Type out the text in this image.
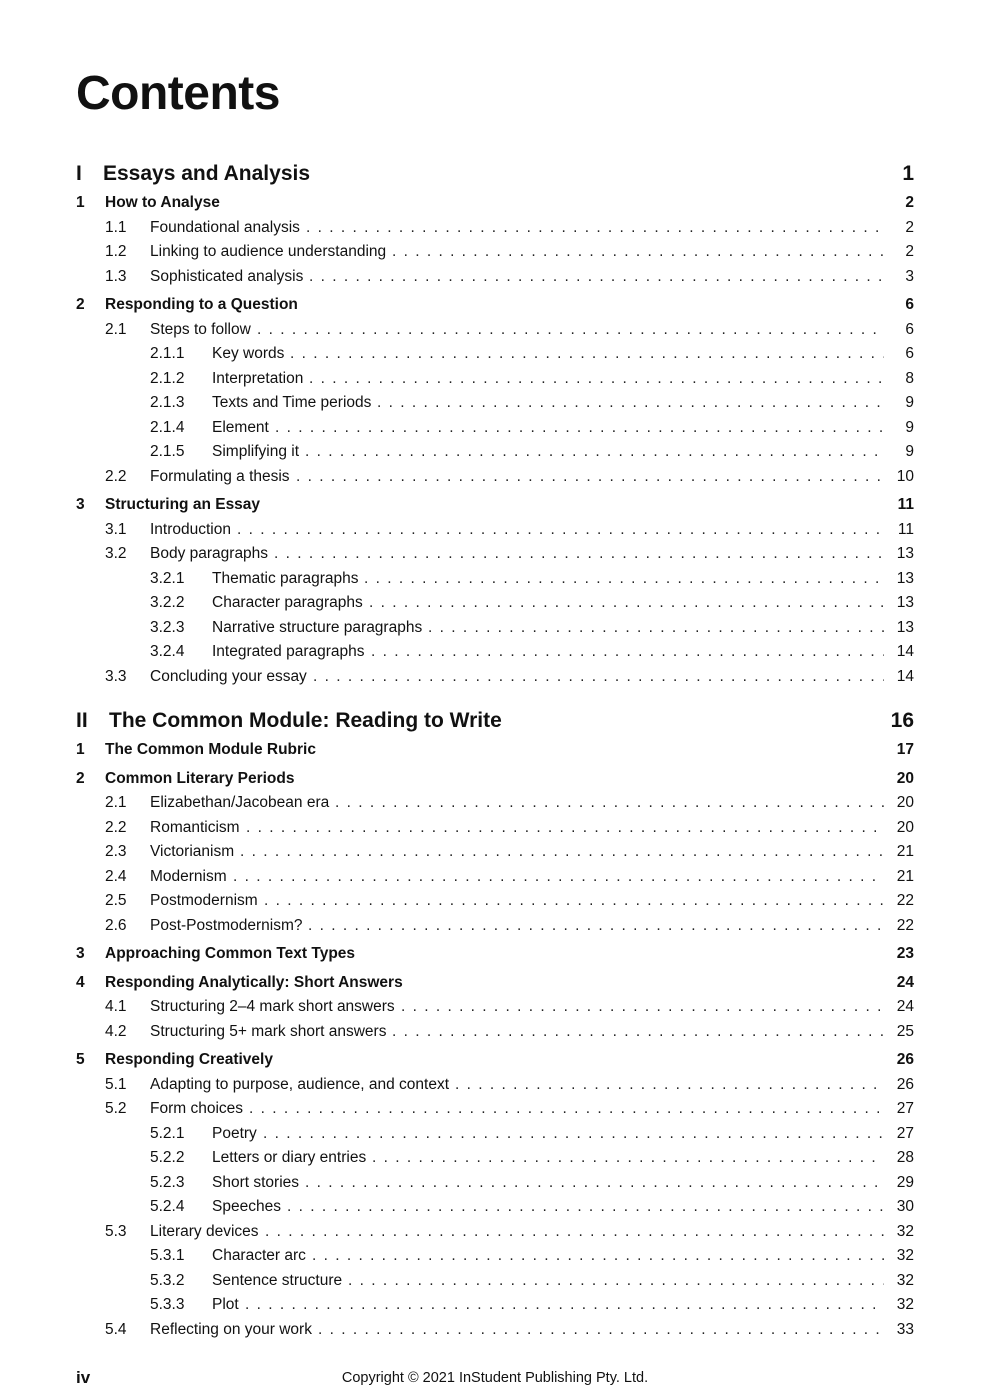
Contents
I Essays and Analysis	1
1 How to Analyse	2
1.1 . . . Foundational analysis	2
1.2 . . . Linking to audience understanding	2
1.3 . . . Sophisticated analysis	3
2 Responding to a Question	6
2.1 . . . Steps to follow	6
2.1.1 . . . Key words	6
2.1.2 . . . Interpretation	8
2.1.3 . . . Texts and Time periods	9
2.1.4 . . . Element	9
2.1.5 . . . Simplifying it	9
2.2 . . . Formulating a thesis	10
3 Structuring an Essay	11
3.1 . . . Introduction	11
3.2 . . . Body paragraphs	13
3.2.1 . . . Thematic paragraphs	13
3.2.2 . . . Character paragraphs	13
3.2.3 . . . Narrative structure paragraphs	13
3.2.4 . . . Integrated paragraphs	14
3.3 . . . Concluding your essay	14
II The Common Module: Reading to Write	16
1 The Common Module Rubric	17
2 Common Literary Periods	20
2.1 . . . Elizabethan/Jacobean era	20
2.2 . . . Romanticism	20
2.3 . . . Victorianism	21
2.4 . . . Modernism	21
2.5 . . . Postmodernism	22
2.6 . . . Post-Postmodernism?	22
3 Approaching Common Text Types	23
4 Responding Analytically: Short Answers	24
4.1 . . . Structuring 2–4 mark short answers	24
4.2 . . . Structuring 5+ mark short answers	25
5 Responding Creatively	26
5.1 . . . Adapting to purpose, audience, and context	26
5.2 . . . Form choices	27
5.2.1 . . . Poetry	27
5.2.2 . . . Letters or diary entries	28
5.2.3 . . . Short stories	29
5.2.4 . . . Speeches	30
5.3 . . . Literary devices	32
5.3.1 . . . Character arc	32
5.3.2 . . . Sentence structure	32
5.3.3 . . . Plot	32
5.4 . . . Reflecting on your work	33
iv	Copyright © 2021 InStudent Publishing Pty. Ltd.
